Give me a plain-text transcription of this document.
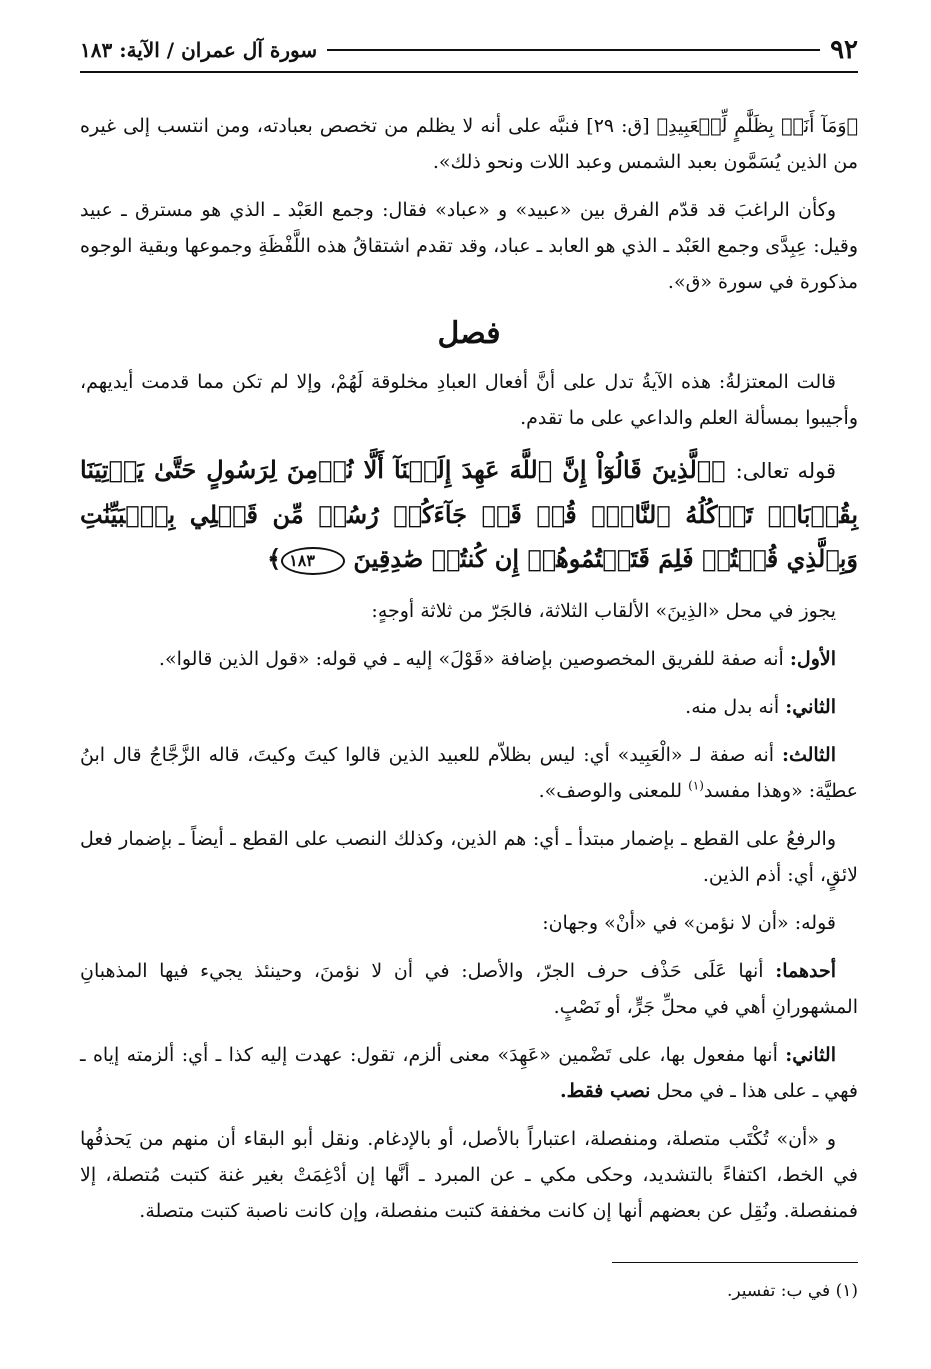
٩٢
سورة آل عمران / الآية: ١٨٣

﴿وَمَآ أَنَا۠ بِظَلَّٰمٍ لِّلۡعَبِيدِ﴾ [ق: ٢٩] فنبَّه على أنه لا يظلم من تخصص بعبادته، ومن انتسب إلى غيره من الذين يُسَمَّون بعبد الشمس وعبد اللات ونحو ذلك».

وكأن الراغبَ قد قدّم الفرق بين «عبيد» و «عباد» فقال: وجمع العَبْد ـ الذي هو مسترق ـ عبيد وقيل: عِبِدَّى وجمع العَبْد ـ الذي هو العابد ـ عباد، وقد تقدم اشتقاقُ هذه اللَّفْظَةِ وجموعها وبقية الوجوه مذكورة في سورة «ق».

فصل

قالت المعتزلةُ: هذه الآيةُ تدل على أنَّ أفعال العبادِ مخلوقة لَهُمْ، وإلا لم تكن مما قدمت أيديهم، وأجيبوا بمسألة العلم والداعي على ما تقدم.

قوله تعالى: ﴿ٱلَّذِينَ قَالُوٓاْ إِنَّ ٱللَّهَ عَهِدَ إِلَيۡنَآ أَلَّا نُؤۡمِنَ لِرَسُولٍ حَتَّىٰ يَأۡتِيَنَا بِقُرۡبَانٖ تَأۡكُلُهُ ٱلنَّارُۗ قُلۡ قَدۡ جَآءَكُمۡ رُسُلٞ مِّن قَبۡلِي بِٱلۡبَيِّنَٰتِ وَبِٱلَّذِي قُلۡتُمۡ فَلِمَ قَتَلۡتُمُوهُمۡ إِن كُنتُمۡ صَٰدِقِينَ ١٨٣﴾

يجوز في محل «الذِينَ» الألقاب الثلاثة، فالجَرّ من ثلاثة أوجهٍ:

الأول: أنه صفة للفريق المخصوصين بإضافة «قَوْلَ» إليه ـ في قوله: «قول الذين قالوا».

الثاني: أنه بدل منه.

الثالث: أنه صفة لـ «الْعَبِيد» أي: ليس بظلاّم للعبيد الذين قالوا كيتَ وكيتَ، قاله الزَّجَّاجُ قال ابنُ عطيَّة: «وهذا مفسد$^{(١)}$ للمعنى والوصف».

والرفعُ على القطع ـ بإضمار مبتدأ ـ أي: هم الذين، وكذلك النصب على القطع ـ أيضاً ـ بإضمار فعل لائقٍ، أي: أذم الذين.

قوله: «أن لا نؤمن» في «أنْ» وجهان:

أحدهما: أنها عَلَى حَذْف حرف الجرّ، والأصل: في أن لا نؤمنَ، وحينئذ يجيء فيها المذهبانِ المشهورانِ أهي في محلِّ جَرٍّ، أو نَصْبٍ.

الثاني: أنها مفعول بها، على تَضْمين «عَهِدَ» معنى ألزم، تقول: عهدت إليه كذا ـ أي: ألزمته إياه ـ فهي ـ على هذا ـ في محل نصب فقط.

و «أن» تُكْتَب متصلة، ومنفصلة، اعتباراً بالأصل، أو بالإدغام. ونقل أبو البقاء أن منهم من يَحذفُها في الخط، اكتفاءً بالتشديد، وحكى مكي ـ عن المبرد ـ أنَّها إن أدْغِمَتْ بغير غنة كتبت مُتصلة، إلا فمنفصلة. ونُقِل عن بعضهم أنها إن كانت مخففة كتبت منفصلة، وإن كانت ناصبة كتبت متصلة.

(١) في ب: تفسير.
